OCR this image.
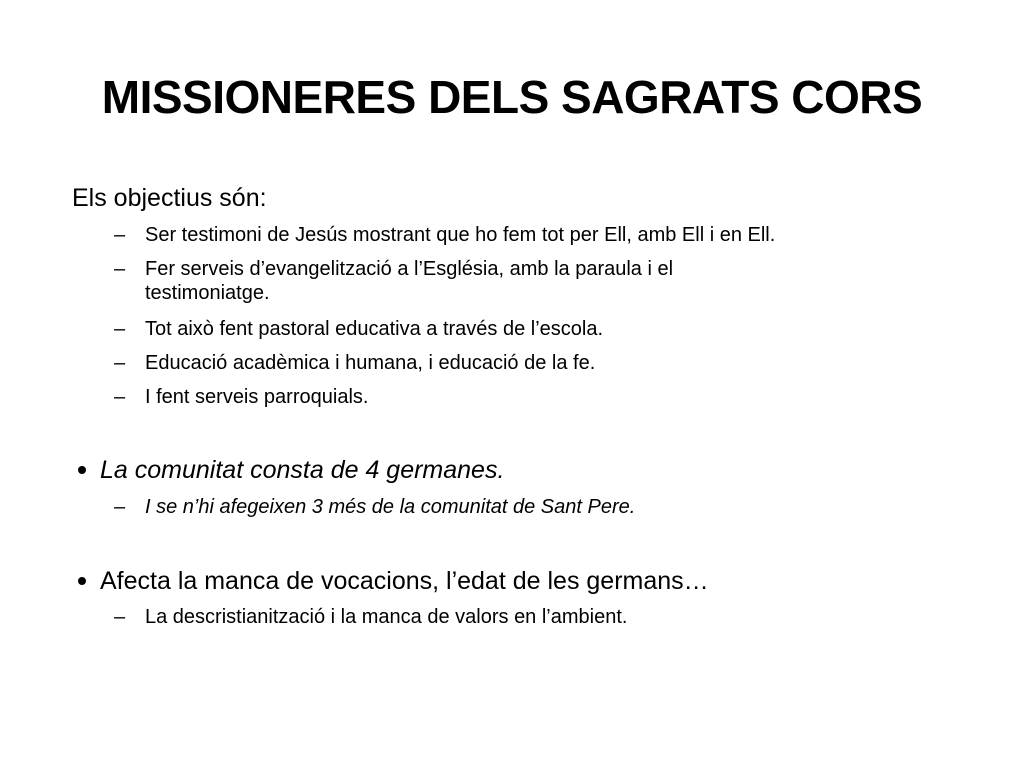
MISSIONERES DELS SAGRATS CORS
Els objectius són:
– Ser testimoni de Jesús mostrant que ho fem tot per Ell, amb Ell i en Ell.
– Fer serveis d’evangelització a l’Església, amb la paraula i el
testimoniatge.
– Tot això fent pastoral educativa a través de l’escola.
– Educació acadèmica i humana, i educació de la fe.
– I fent serveis parroquials.
La comunitat consta de 4 germanes.
– I se n’hi afegeixen 3 més de la comunitat de Sant Pere.
Afecta la manca de vocacions, l’edat de les germans…
– La descristianització i la manca de valors en l’ambient.
